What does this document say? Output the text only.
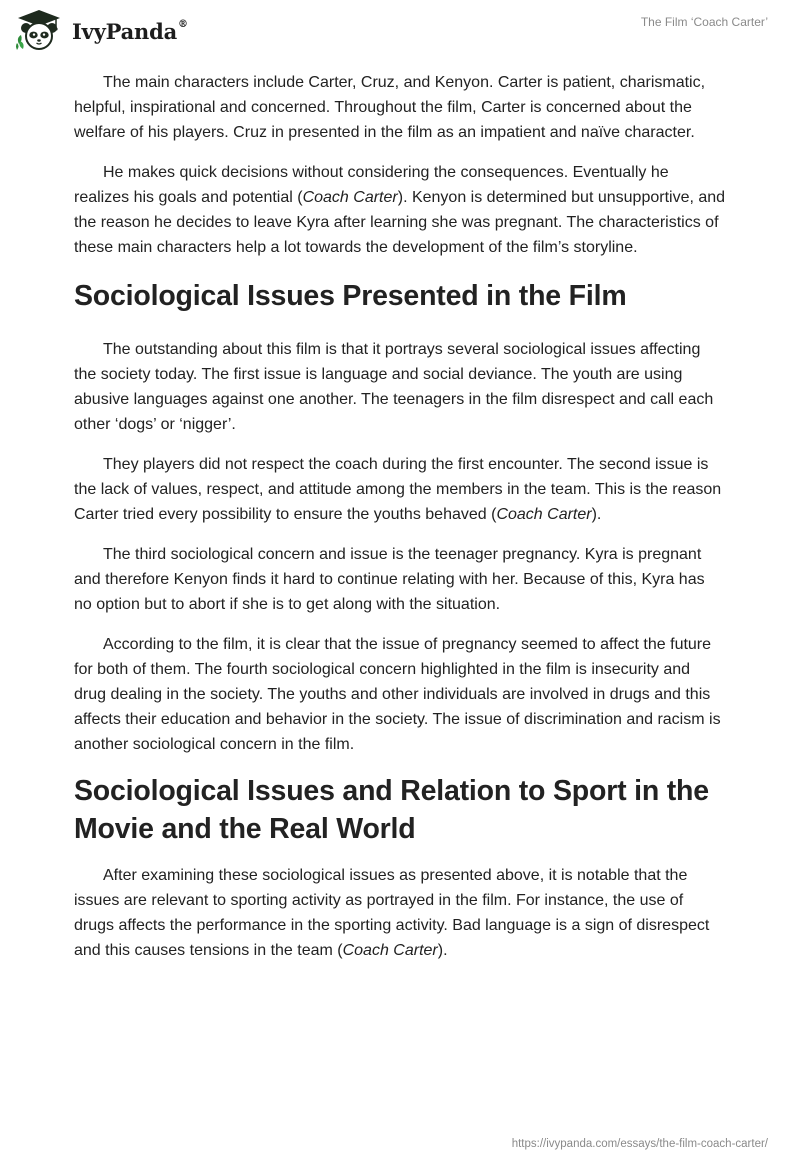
IvyPanda®	The Film ‘Coach Carter’

The main characters include Carter, Cruz, and Kenyon. Carter is patient, charismatic, helpful, inspirational and concerned. Throughout the film, Carter is concerned about the welfare of his players. Cruz in presented in the film as an impatient and naïve character.

He makes quick decisions without considering the consequences. Eventually he realizes his goals and potential (Coach Carter). Kenyon is determined but unsupportive, and the reason he decides to leave Kyra after learning she was pregnant. The characteristics of these main characters help a lot towards the development of the film’s storyline.

Sociological Issues Presented in the Film

The outstanding about this film is that it portrays several sociological issues affecting the society today. The first issue is language and social deviance. The youth are using abusive languages against one another. The teenagers in the film disrespect and call each other ‘dogs’ or ‘nigger’.

They players did not respect the coach during the first encounter. The second issue is the lack of values, respect, and attitude among the members in the team. This is the reason Carter tried every possibility to ensure the youths behaved (Coach Carter).

The third sociological concern and issue is the teenager pregnancy. Kyra is pregnant and therefore Kenyon finds it hard to continue relating with her. Because of this, Kyra has no option but to abort if she is to get along with the situation.

According to the film, it is clear that the issue of pregnancy seemed to affect the future for both of them. The fourth sociological concern highlighted in the film is insecurity and drug dealing in the society. The youths and other individuals are involved in drugs and this affects their education and behavior in the society. The issue of discrimination and racism is another sociological concern in the film.

Sociological Issues and Relation to Sport in the Movie and the Real World

After examining these sociological issues as presented above, it is notable that the issues are relevant to sporting activity as portrayed in the film. For instance, the use of drugs affects the performance in the sporting activity. Bad language is a sign of disrespect and this causes tensions in the team (Coach Carter).

https://ivypanda.com/essays/the-film-coach-carter/
